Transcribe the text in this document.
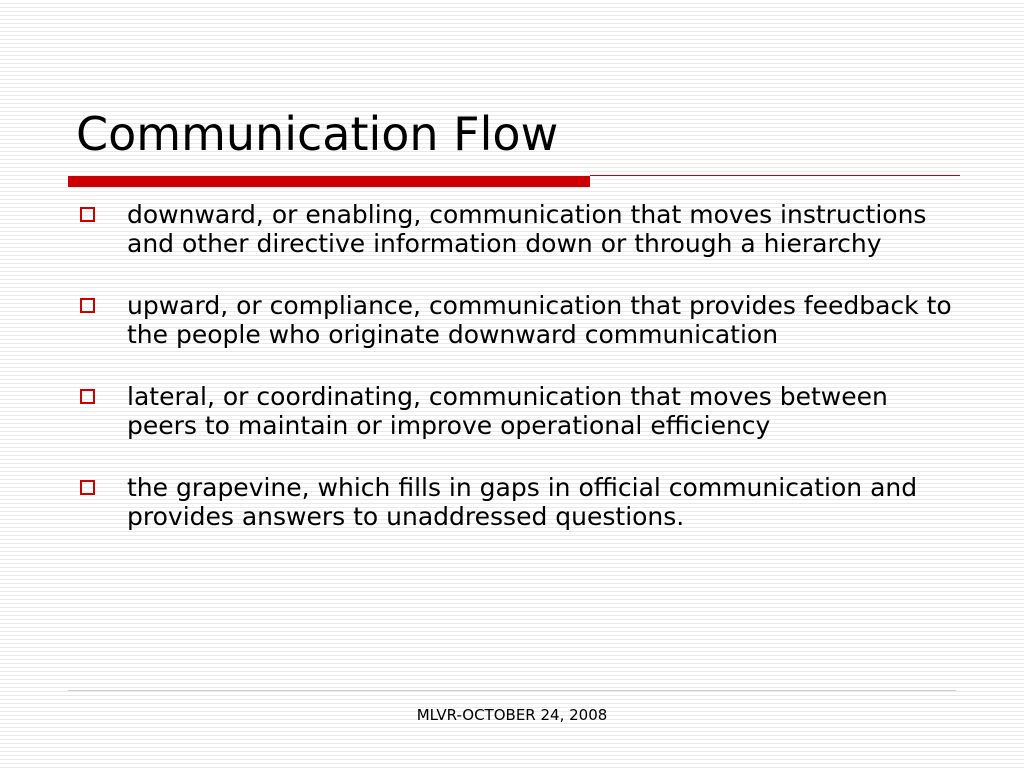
Communication Flow
downward, or enabling, communication that moves instructions and other directive information down or through a hierarchy
upward, or compliance, communication that provides feedback to the people who originate downward communication
lateral, or coordinating, communication that moves between peers to maintain or improve operational efficiency
the grapevine, which fills in gaps in official communication and provides answers to unaddressed questions.
MLVR-OCTOBER 24, 2008
